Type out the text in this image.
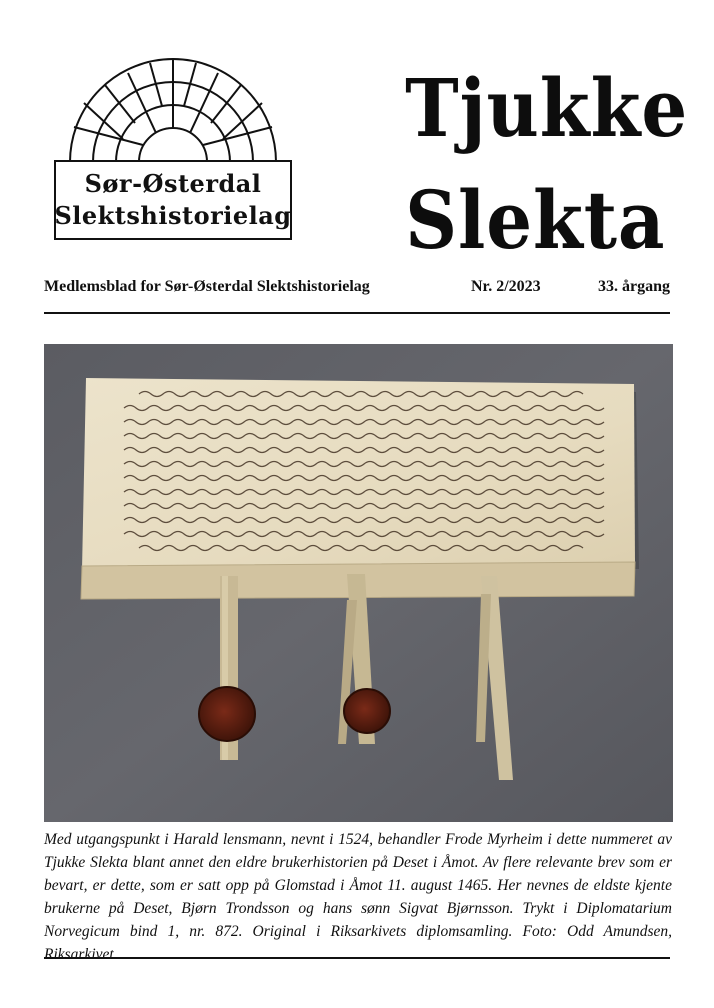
Sør-Østerdal
Slektshistorielag
Tjukke
Slekta
Medlemsblad for Sør-Østerdal Slektshistorielag	Nr. 2/2023	33. årgang
Med utgangspunkt i Harald lensmann, nevnt i 1524, behandler Frode Myrheim i dette nummeret av Tjukke Slekta blant annet den eldre brukerhistorien på Deset i Åmot. Av flere relevante brev som er bevart, er dette, som er satt opp på Glomstad i Åmot 11. august 1465. Her nevnes de eldste kjente brukerne på Deset, Bjørn Trondsson og hans sønn Sigvat Bjørnsson. Trykt i Diplomatarium Norvegicum bind 1, nr. 872. Original i Riksarkivets diplomsamling. Foto: Odd Amundsen, Riksarkivet.
